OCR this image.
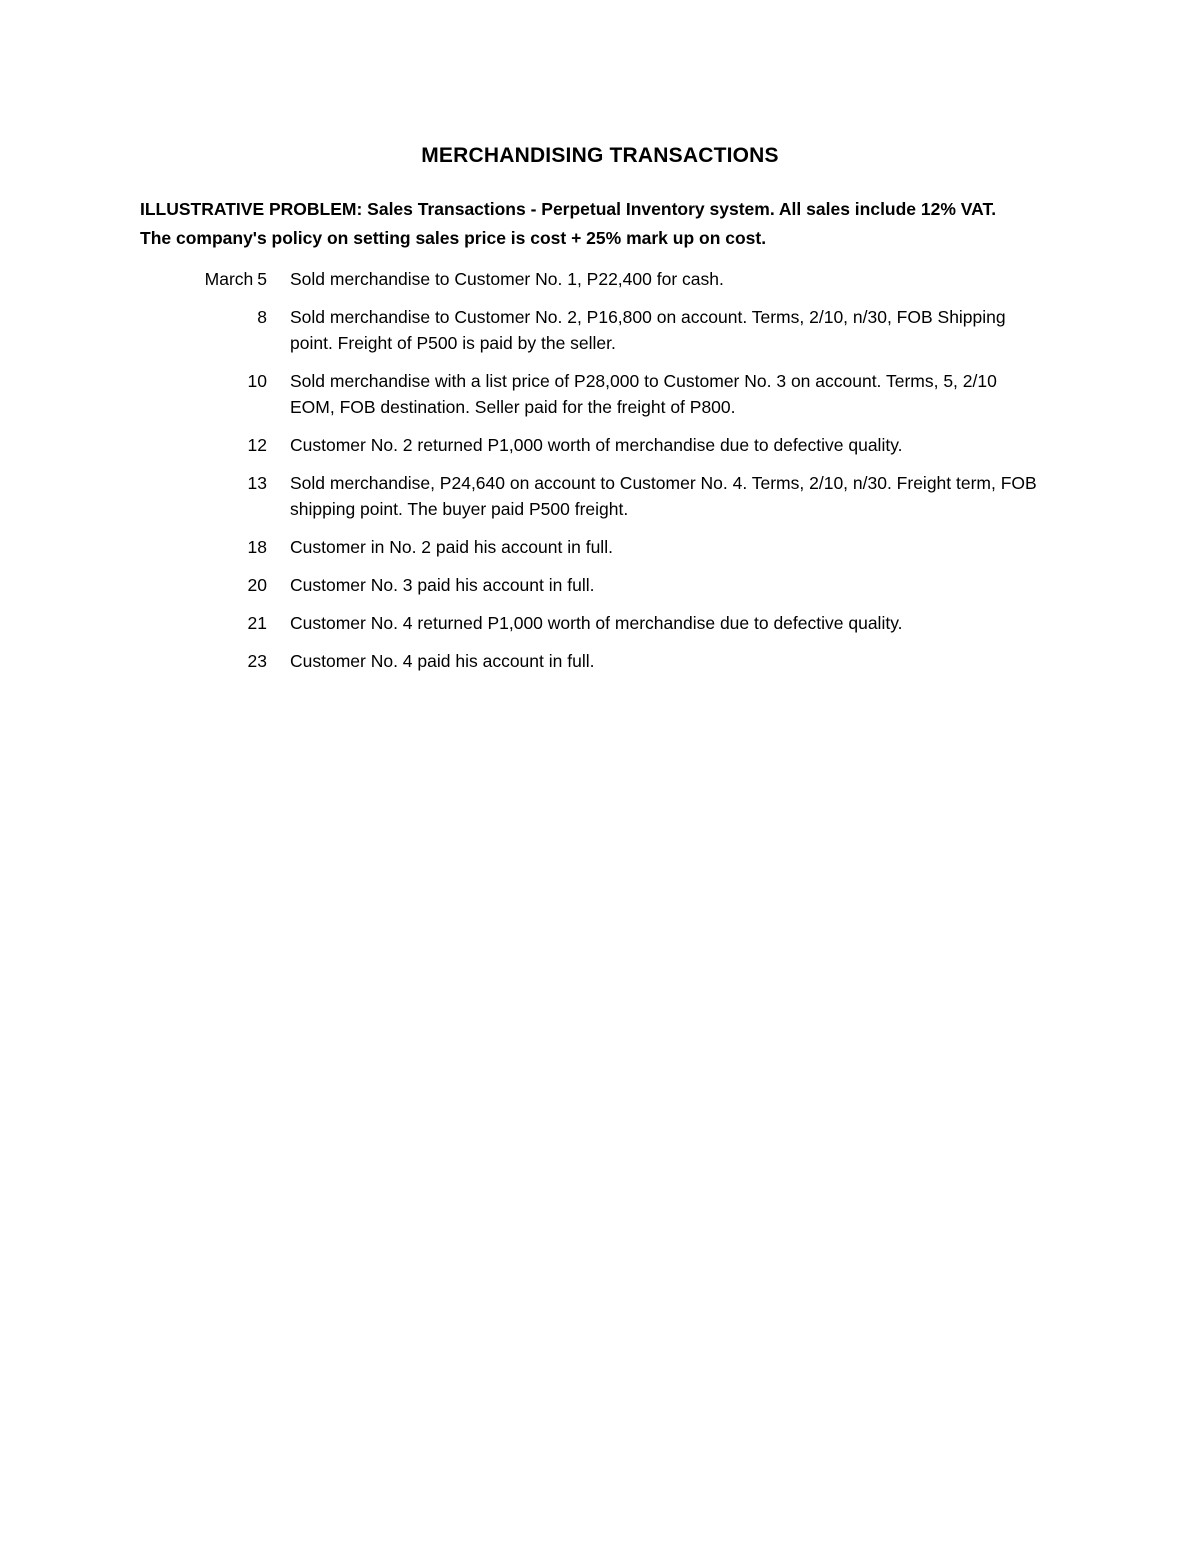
MERCHANDISING TRANSACTIONS

ILLUSTRATIVE PROBLEM: Sales Transactions - Perpetual Inventory system. All sales include 12% VAT.
The company's policy on setting sales price is cost + 25% mark up on cost.

March 5 Sold merchandise to Customer No. 1, P22,400 for cash.
8 Sold merchandise to Customer No. 2, P16,800 on account. Terms, 2/10, n/30, FOB Shipping point. Freight of P500 is paid by the seller.
10 Sold merchandise with a list price of P28,000 to Customer No. 3 on account. Terms, 5, 2/10 EOM, FOB destination. Seller paid for the freight of P800.
12 Customer No. 2 returned P1,000 worth of merchandise due to defective quality.
13 Sold merchandise, P24,640 on account to Customer No. 4. Terms, 2/10, n/30. Freight term, FOB shipping point. The buyer paid P500 freight.
18 Customer in No. 2 paid his account in full.
20 Customer No. 3 paid his account in full.
21 Customer No. 4 returned P1,000 worth of merchandise due to defective quality.
23 Customer No. 4 paid his account in full.
